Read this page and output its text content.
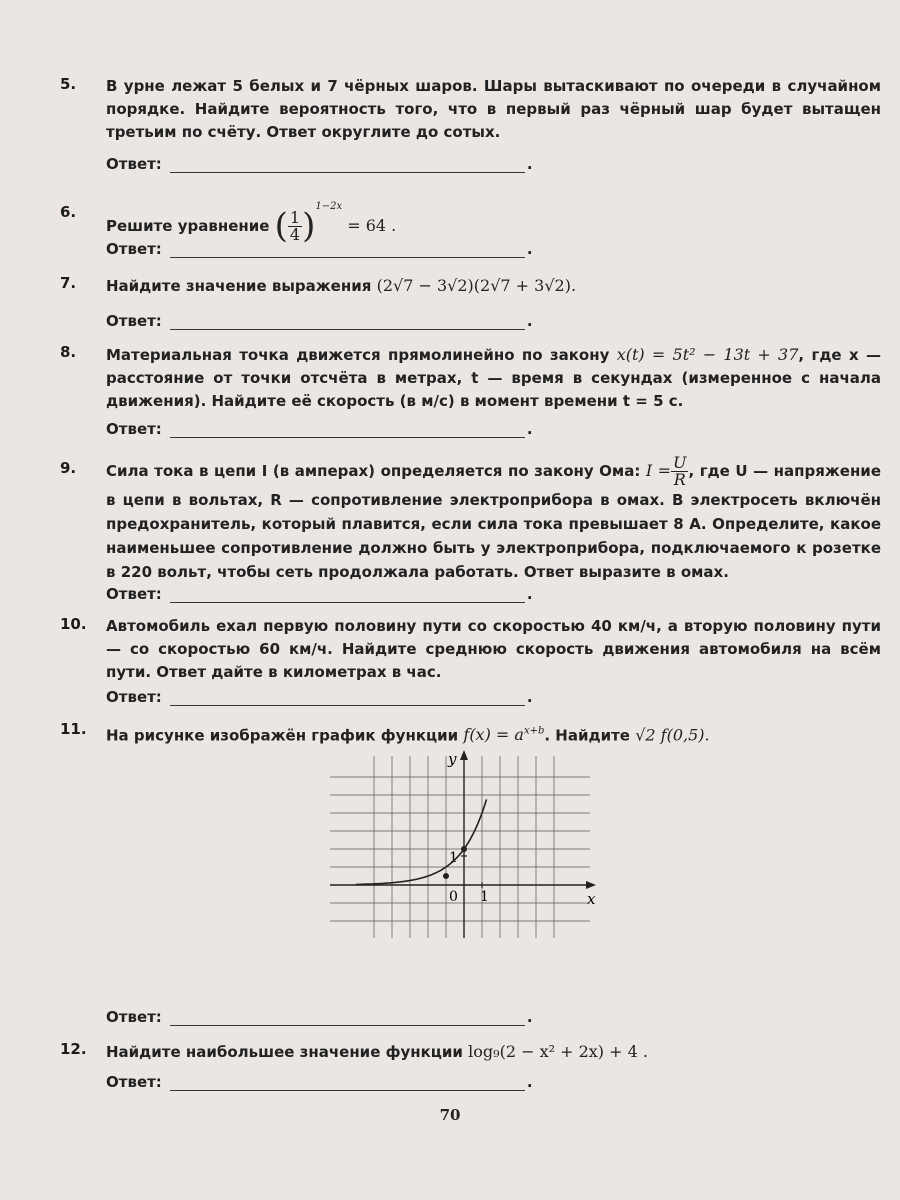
5. В урне лежат 5 белых и 7 чёрных шаров. Шары вытаскивают по очереди в случайном порядке. Найдите вероятность того, что в первый раз чёрный шар будет вытащен третьим по счёту. Ответ округлите до сотых.
Ответ:	.
6.
Решите уравнение ( $\frac{1}{4} )^{1-2x} = 64$ .
Ответ:	.
7. Найдите значение выражения (2√7 − 3√2)(2√7 + 3√2).
Ответ:	.
8. Материальная точка движется прямолинейно по закону x(t) = 5t² − 13t + 37, где x — расстояние от точки отсчёта в метрах, t — время в секундах (измеренное с начала движения). Найдите её скорость (в м/с) в момент времени t = 5 с.
Ответ:	.
9. Сила тока в цепи I (в амперах) определяется по закону Ома: $I = \frac{U}{R}$ , где U — напряжение в цепи в вольтах, R — сопротивление электроприбора в омах. В электросеть включён предохранитель, который плавится, если сила тока превышает 8 А. Определите, какое наименьшее сопротивление должно быть у электроприбора, подключаемого к розетке в 220 вольт, чтобы сеть продолжала работать. Ответ выразите в омах.
Ответ:	.
10. Автомобиль ехал первую половину пути со скоростью 40 км/ч, а вторую половину пути — со скоростью 60 км/ч. Найдите среднюю скорость движения автомобиля на всём пути. Ответ дайте в километрах в час.
Ответ:	.
11. На рисунке изображён график функции $f(x) = a^{x+b}$. Найдите √2 f(0,5).
x
y
0 1
1
Ответ:	.
12. Найдите наибольшее значение функции log₉(2 − x² + 2x) + 4 .
Ответ:	.
70
